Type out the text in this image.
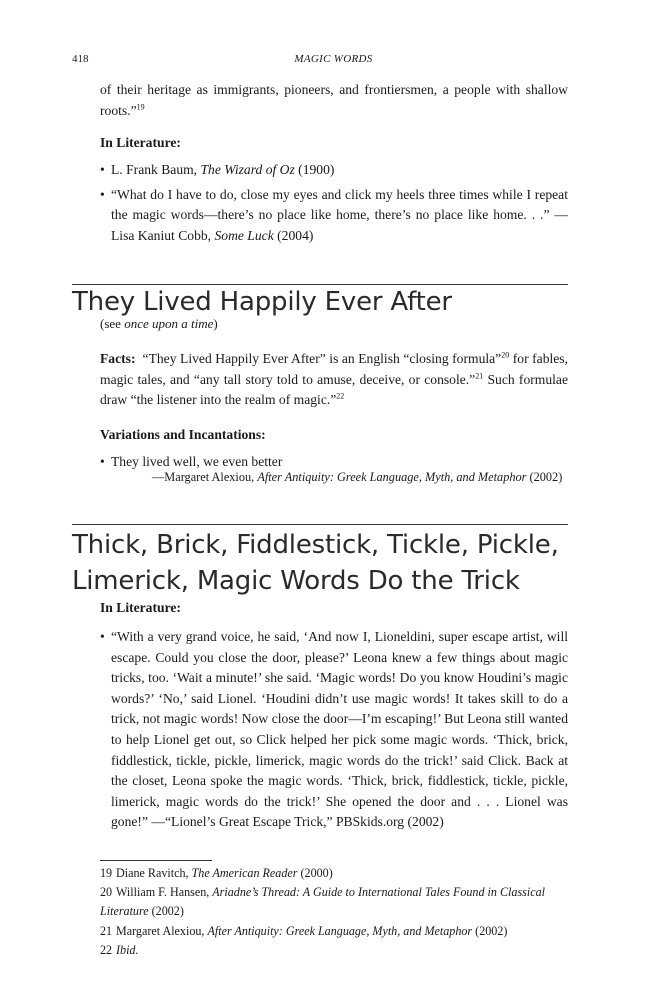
418	MAGIC WORDS
of their heritage as immigrants, pioneers, and frontiersmen, a people with shallow roots.”$^{19}$
In Literature:
• L. Frank Baum, The Wizard of Oz (1900)
• “What do I have to do, close my eyes and click my heels three times while I repeat the magic words—there’s no place like home, there’s no place like home. . .” —Lisa Kaniut Cobb, Some Luck (2004)
They Lived Happily Ever After
(see once upon a time)
Facts: “They Lived Happily Ever After” is an English “closing formula”$^{20}$ for fables, magic tales, and “any tall story told to amuse, deceive, or console.”$^{21}$ Such formulae draw “the listener into the realm of magic.”$^{22}$
Variations and Incantations:
• They lived well, we even better
—Margaret Alexiou, After Antiquity: Greek Language, Myth, and Metaphor (2002)
Thick, Brick, Fiddlestick, Tickle, Pickle,
Limerick, Magic Words Do the Trick
In Literature:
• “With a very grand voice, he said, ‘And now I, Lioneldini, super escape artist, will escape. Could you close the door, please?’ Leona knew a few things about magic tricks, too. ‘Wait a minute!’ she said. ‘Magic words! Do you know Houdini’s magic words?’ ‘No,’ said Lionel. ‘Houdini didn’t use magic words! It takes skill to do a trick, not magic words! Now close the door—I’m escaping!’ But Leona still wanted to help Lionel get out, so Click helped her pick some magic words. ‘Thick, brick, fiddlestick, tickle, pickle, limerick, magic words do the trick!’ said Click. Back at the closet, Leona spoke the magic words. ‘Thick, brick, fiddlestick, tickle, pickle, limerick, magic words do the trick!’ She opened the door and . . . Lionel was gone!” —“Lionel’s Great Escape Trick,” PBSkids.org (2002)
19 Diane Ravitch, The American Reader (2000)
20 William F. Hansen, Ariadne’s Thread: A Guide to International Tales Found in Classical Literature (2002)
21 Margaret Alexiou, After Antiquity: Greek Language, Myth, and Metaphor (2002)
22 Ibid.
